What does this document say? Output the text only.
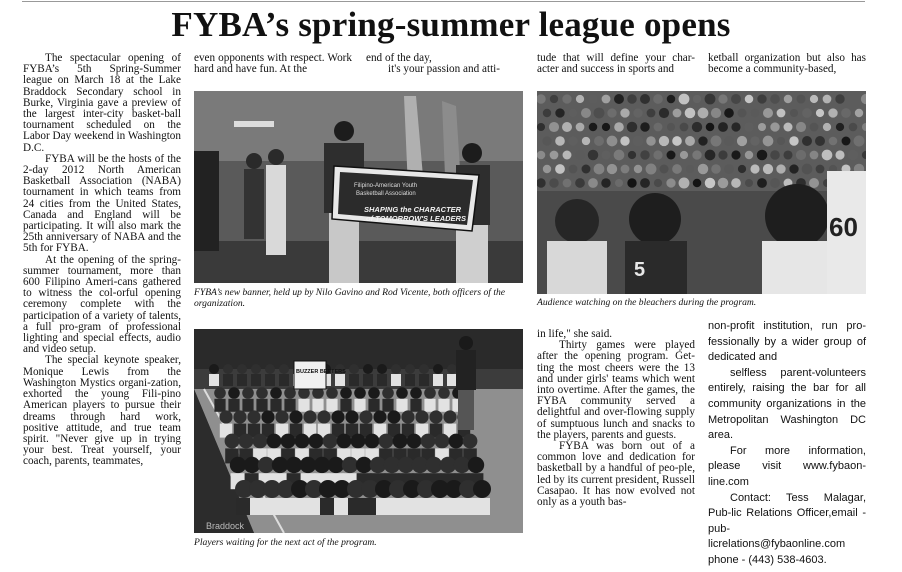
FYBA’s spring-summer league opens

The spectacular opening of FYBA’s 5th Spring-Summer league on March 18 at the Lake Braddock Secondary school in Burke, Virginia gave a preview of the largest inter-city basket-ball tournament scheduled on the Labor Day weekend in Washington D.C.

FYBA will be the hosts of the 2-day 2012 North American Basketball Association (NABA) tournament in which teams from 24 cities from the United States, Canada and England will be participating. It will also mark the 25th anniversary of NABA and the 5th for FYBA.

At the opening of the spring-summer tournament, more than 600 Filipino Ameri-cans gathered to witness the col-orful opening ceremony complete with the participation of a variety of talents, a full pro-gram of professional lighting and special effects, audio and video setup.

The special keynote speaker, Monique Lewis from the Washington Mystics organi-zation, exhorted the young Fili-pino American players to pursue their dreams through hard work, positive attitude, and true team spirit. "Never give up in trying your best. Treat yourself, your coach, parents, teammates,

even opponents with respect. Work hard and have fun. At the

end of the day,

it's your passion and atti-

tude that will define your char-acter and success in sports and

ketball organization but also has become a community-based,

Filipino-American Youth
Basketball Association
SHAPING the CHARACTER
of TOMORROW'S LEADERS
FYBA’s new banner, held up by Nilo Gavino and Rod Vicente, both officers of the organization.
60
5
Audience watching on the bleachers during the program.
BUZZER BEETERS
Braddock
Players waiting for the next act of the program.

in life," she said.

Thirty games were played after the opening program. Get-ting the most cheers were the 13 and under girls' teams which went into overtime. After the games, the FYBA community served a delightful and over-flowing supply of sumptuous lunch and snacks to the players, parents and guests.

FYBA was born out of a common love and dedication for basketball by a handful of peo-ple, led by its current president, Russell Casapao. It has now evolved not only as a youth bas-

non-profit institution, run pro-fessionally by a wider group of dedicated and

selfless parent-volunteers entirely, raising the bar for all community organizations in the Metropolitan Washington DC area.

For more information, please visit www.fybaon-line.com

Contact: Tess Malagar, Pub-lic Relations Officer,email - pub-licrelations@fybaonline.com

phone - (443) 538-4603.
